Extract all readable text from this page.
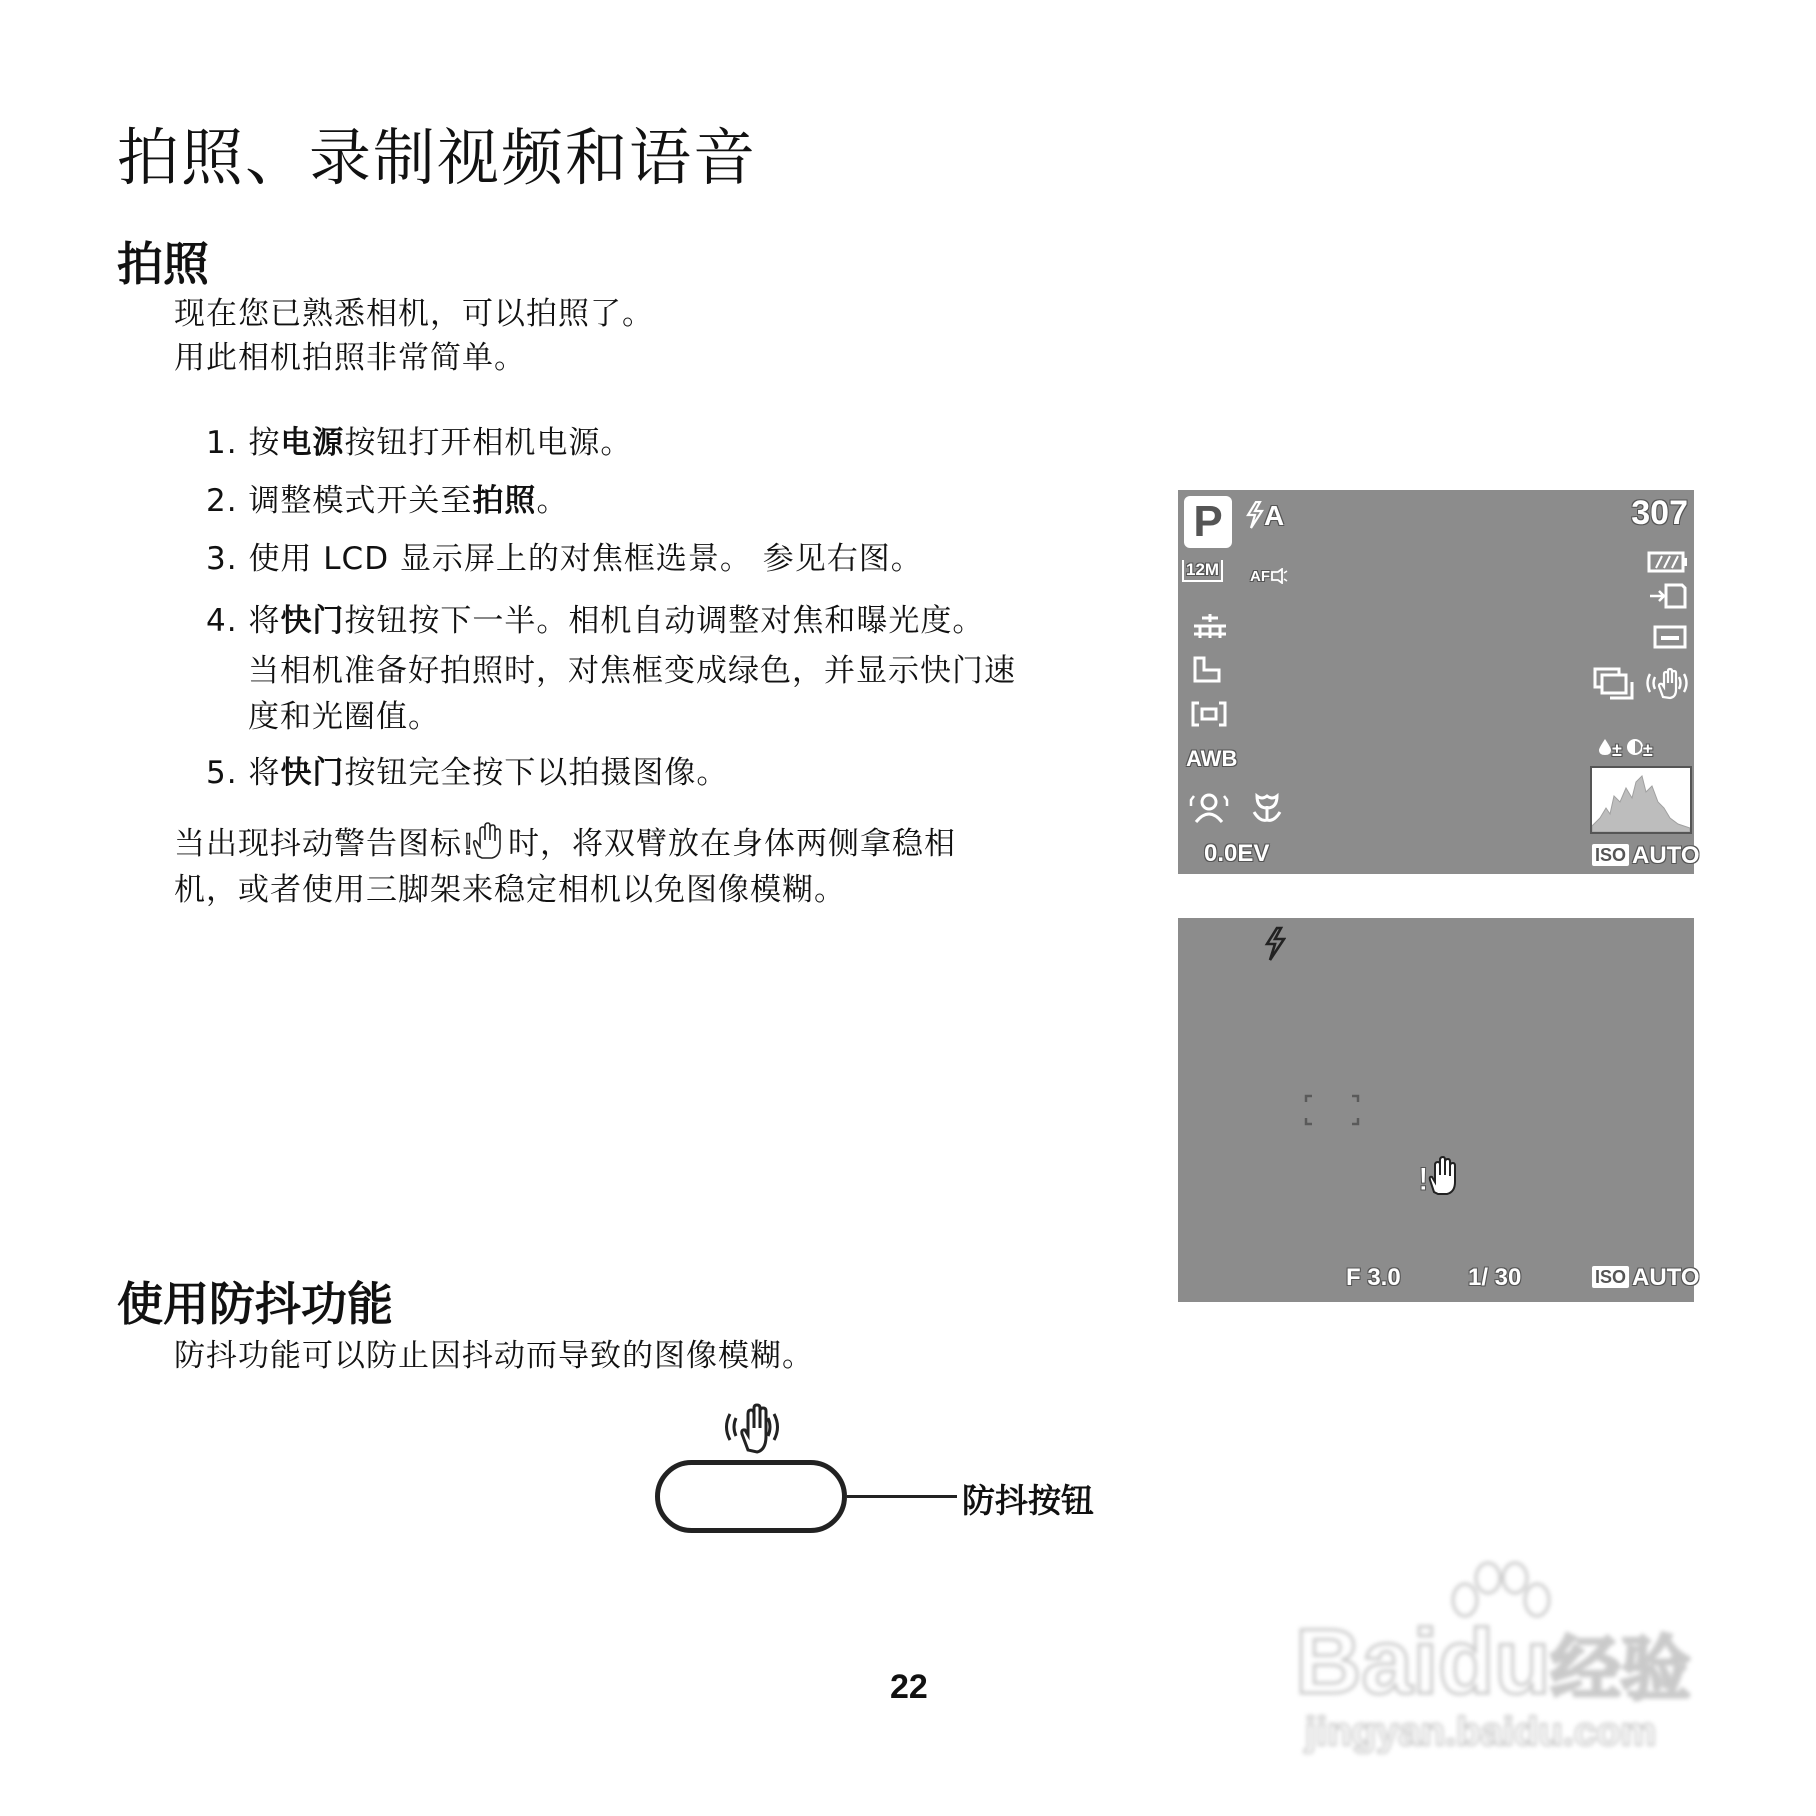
拍照、录制视频和语音
拍照

现在您已熟悉相机，可以拍照了。

用此相机拍照非常简单。

1. 按电源按钮打开相机电源。
2. 调整模式开关至拍照。
3. 使用 LCD 显示屏上的对焦框选景。 参见右图。
4. 将快门按钮按下一半。相机自动调整对焦和曝光度。
当相机准备好拍照时，对焦框变成绿色，并显示快门速
度和光圈值。
5. 将快门按钮完全按下以拍摄图像。
当出现抖动警告图标 ! 时，将双臂放在身体两侧拿稳相

机，或者使用三脚架来稳定相机以免图像模糊。

P	A	307
12M AF
AWB
0.0EV
± ±
ISO AUTO
!
F 3.0	1/ 30	ISO AUTO
使用防抖功能

防抖功能可以防止因抖动而导致的图像模糊。

防抖按钮
22	Baidu经验
jingyan.baidu.com
